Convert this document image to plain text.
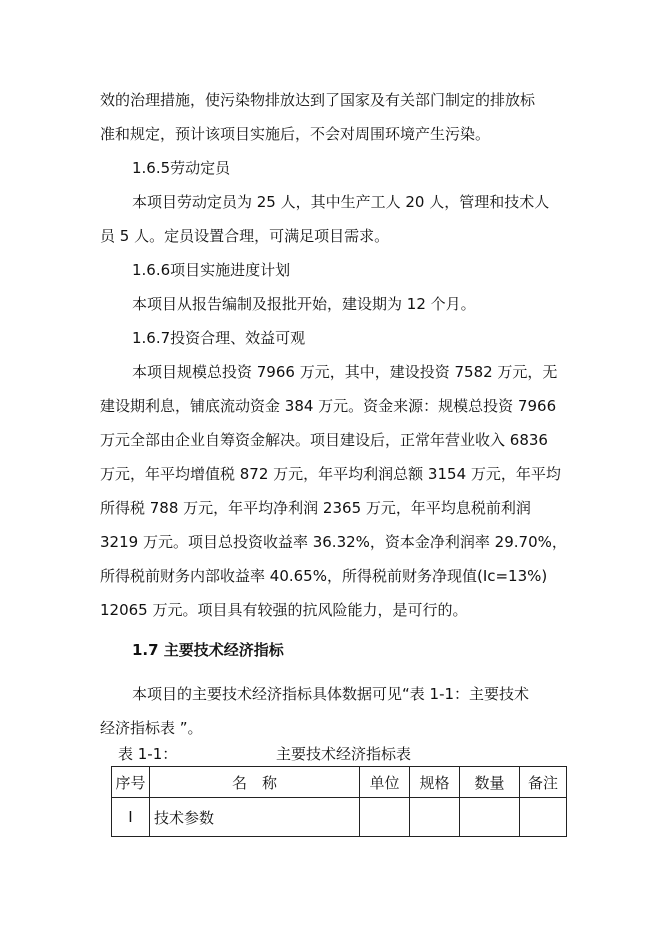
效的治理措施，使污染物排放达到了国家及有关部门制定的排放标
准和规定，预计该项目实施后，不会对周围环境产生污染。
1.6.5劳动定员
本项目劳动定员为 25 人，其中生产工人 20 人，管理和技术人
员 5 人。定员设置合理，可满足项目需求。
1.6.6项目实施进度计划
本项目从报告编制及报批开始，建设期为 12 个月。
1.6.7投资合理、效益可观
本项目规模总投资 7966 万元，其中，建设投资 7582 万元，无
建设期利息，铺底流动资金 384 万元。资金来源：规模总投资 7966
万元全部由企业自筹资金解决。项目建设后，正常年营业收入 6836
万元，年平均增值税 872 万元，年平均利润总额 3154 万元，年平均
所得税 788 万元，年平均净利润 2365 万元，年平均息税前利润
3219 万元。项目总投资收益率 36.32%，资本金净利润率 29.70%，
所得税前财务内部收益率 40.65%，所得税前财务净现值(Ic=13%)
12065 万元。项目具有较强的抗风险能力，是可行的。
1.7 主要技术经济指标
本项目的主要技术经济指标具体数据可见“表 1-1：主要技术
经济指标表 ”。
表 1-1：	主要技术经济指标表
序号	名　称	单位	规格	数量	备注
Ⅰ	技术参数				
